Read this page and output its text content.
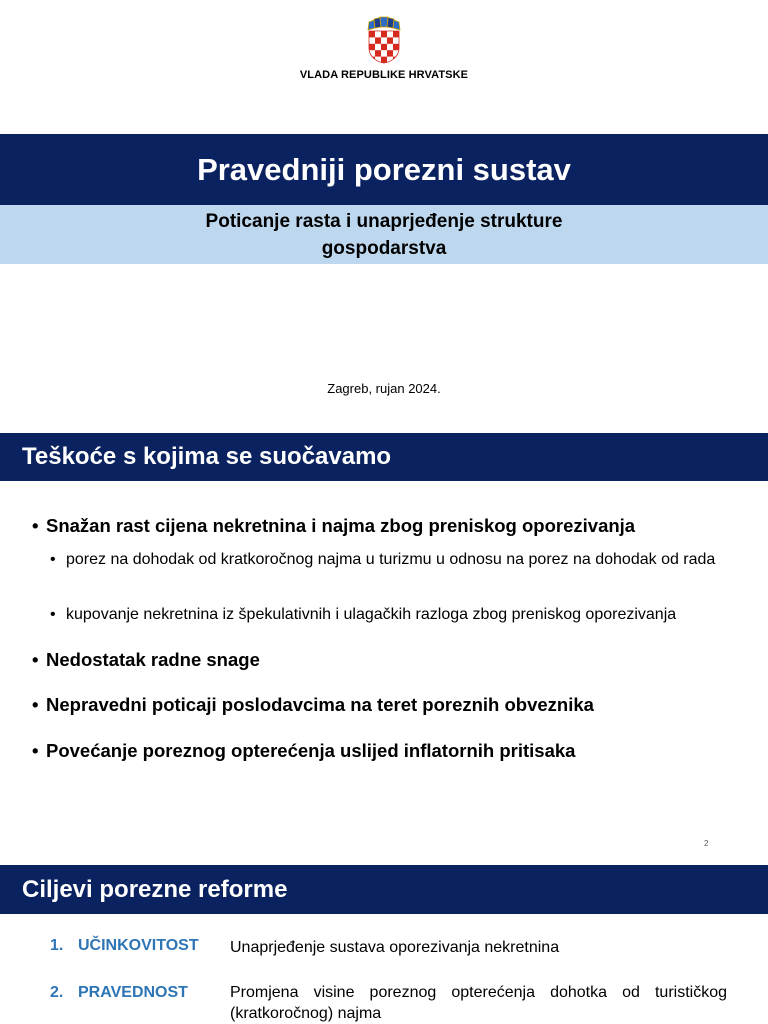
VLADA REPUBLIKE HRVATSKE
Pravedniji porezni sustav
Poticanje rasta i unaprjeđenje strukture gospodarstva
Zagreb, rujan 2024.
Teškoće s kojima se suočavamo
• Snažan rast cijena nekretnina i najma zbog preniskog oporezivanja
• porez na dohodak od kratkoročnog najma u turizmu u odnosu na porez na dohodak od rada
• kupovanje nekretnina iz špekulativnih i ulagačkih razloga zbog preniskog oporezivanja
• Nedostatak radne snage
• Nepravedni poticaji poslodavcima na teret poreznih obveznika
• Povećanje poreznog opterećenja uslijed inflatornih pritisaka
2
Ciljevi porezne reforme
1. UČINKOVITOST Unaprjeđenje sustava oporezivanja nekretnina
2. PRAVEDNOST	Promjena visine poreznog opterećenja dohotka od turističkog (kratkoročnog) najma
